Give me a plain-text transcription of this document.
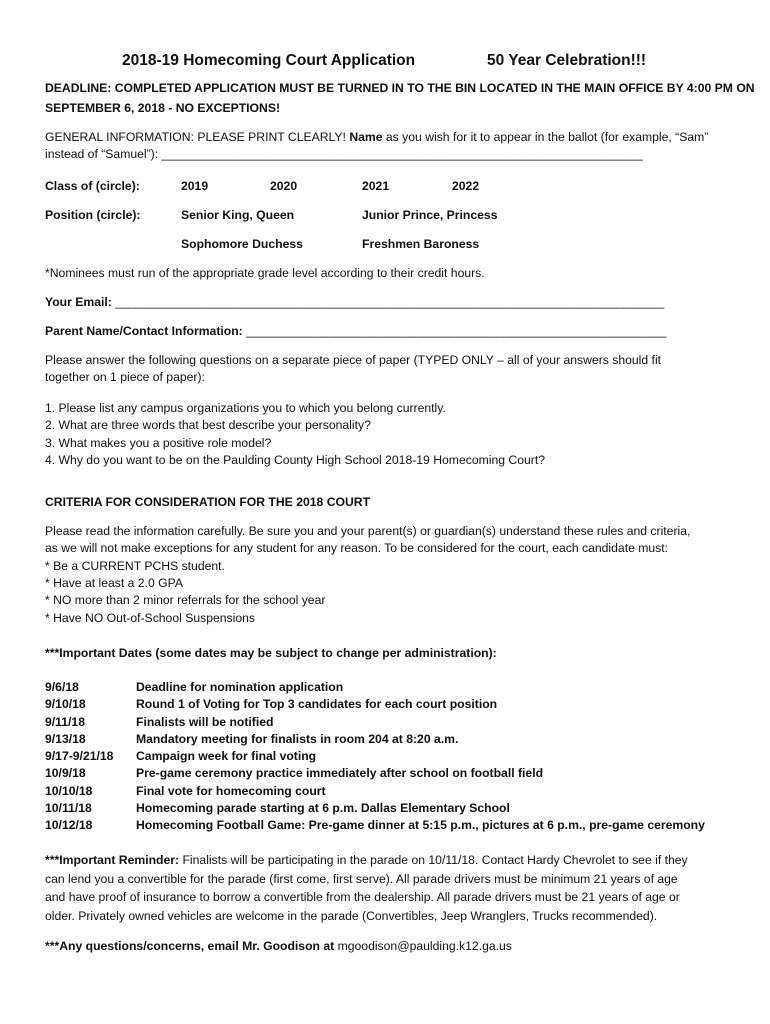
2018-19 Homecoming Court Application	50 Year Celebration!!!
DEADLINE: COMPLETED APPLICATION MUST BE TURNED IN TO THE BIN LOCATED IN THE MAIN OFFICE BY 4:00 PM ON
SEPTEMBER 6, 2018 - NO EXCEPTIONS!
GENERAL INFORMATION: PLEASE PRINT CLEARLY! Name as you wish for it to appear in the ballot (for example, “Sam”
instead of “Samuel”): _______________________________________________________________________
Class of (circle):	2019	2020	2021	2022
Position (circle):	Senior King, Queen	Junior Prince, Princess
Sophomore Duchess	Freshmen Baroness
*Nominees must run of the appropriate grade level according to their credit hours.
Your Email: _________________________________________________________________________________
Parent Name/Contact Information: ______________________________________________________________
Please answer the following questions on a separate piece of paper (TYPED ONLY – all of your answers should fit
together on 1 piece of paper):
1. Please list any campus organizations you to which you belong currently.
2. What are three words that best describe your personality?
3. What makes you a positive role model?
4. Why do you want to be on the Paulding County High School 2018-19 Homecoming Court?
CRITERIA FOR CONSIDERATION FOR THE 2018 COURT
Please read the information carefully. Be sure you and your parent(s) or guardian(s) understand these rules and criteria,
as we will not make exceptions for any student for any reason. To be considered for the court, each candidate must:
* Be a CURRENT PCHS student.
* Have at least a 2.0 GPA
* NO more than 2 minor referrals for the school year
* Have NO Out-of-School Suspensions
***Important Dates (some dates may be subject to change per administration):
9/6/18	Deadline for nomination application
9/10/18	Round 1 of Voting for Top 3 candidates for each court position
9/11/18	Finalists will be notified
9/13/18	Mandatory meeting for finalists in room 204 at 8:20 a.m.
9/17-9/21/18 Campaign week for final voting
10/9/18	Pre-game ceremony practice immediately after school on football field
10/10/18	Final vote for homecoming court
10/11/18	Homecoming parade starting at 6 p.m. Dallas Elementary School
10/12/18	Homecoming Football Game: Pre-game dinner at 5:15 p.m., pictures at 6 p.m., pre-game ceremony
***Important Reminder: Finalists will be participating in the parade on 10/11/18. Contact Hardy Chevrolet to see if they
can lend you a convertible for the parade (first come, first serve). All parade drivers must be minimum 21 years of age
and have proof of insurance to borrow a convertible from the dealership. All parade drivers must be 21 years of age or
older. Privately owned vehicles are welcome in the parade (Convertibles, Jeep Wranglers, Trucks recommended).
***Any questions/concerns, email Mr. Goodison at mgoodison@paulding.k12.ga.us
